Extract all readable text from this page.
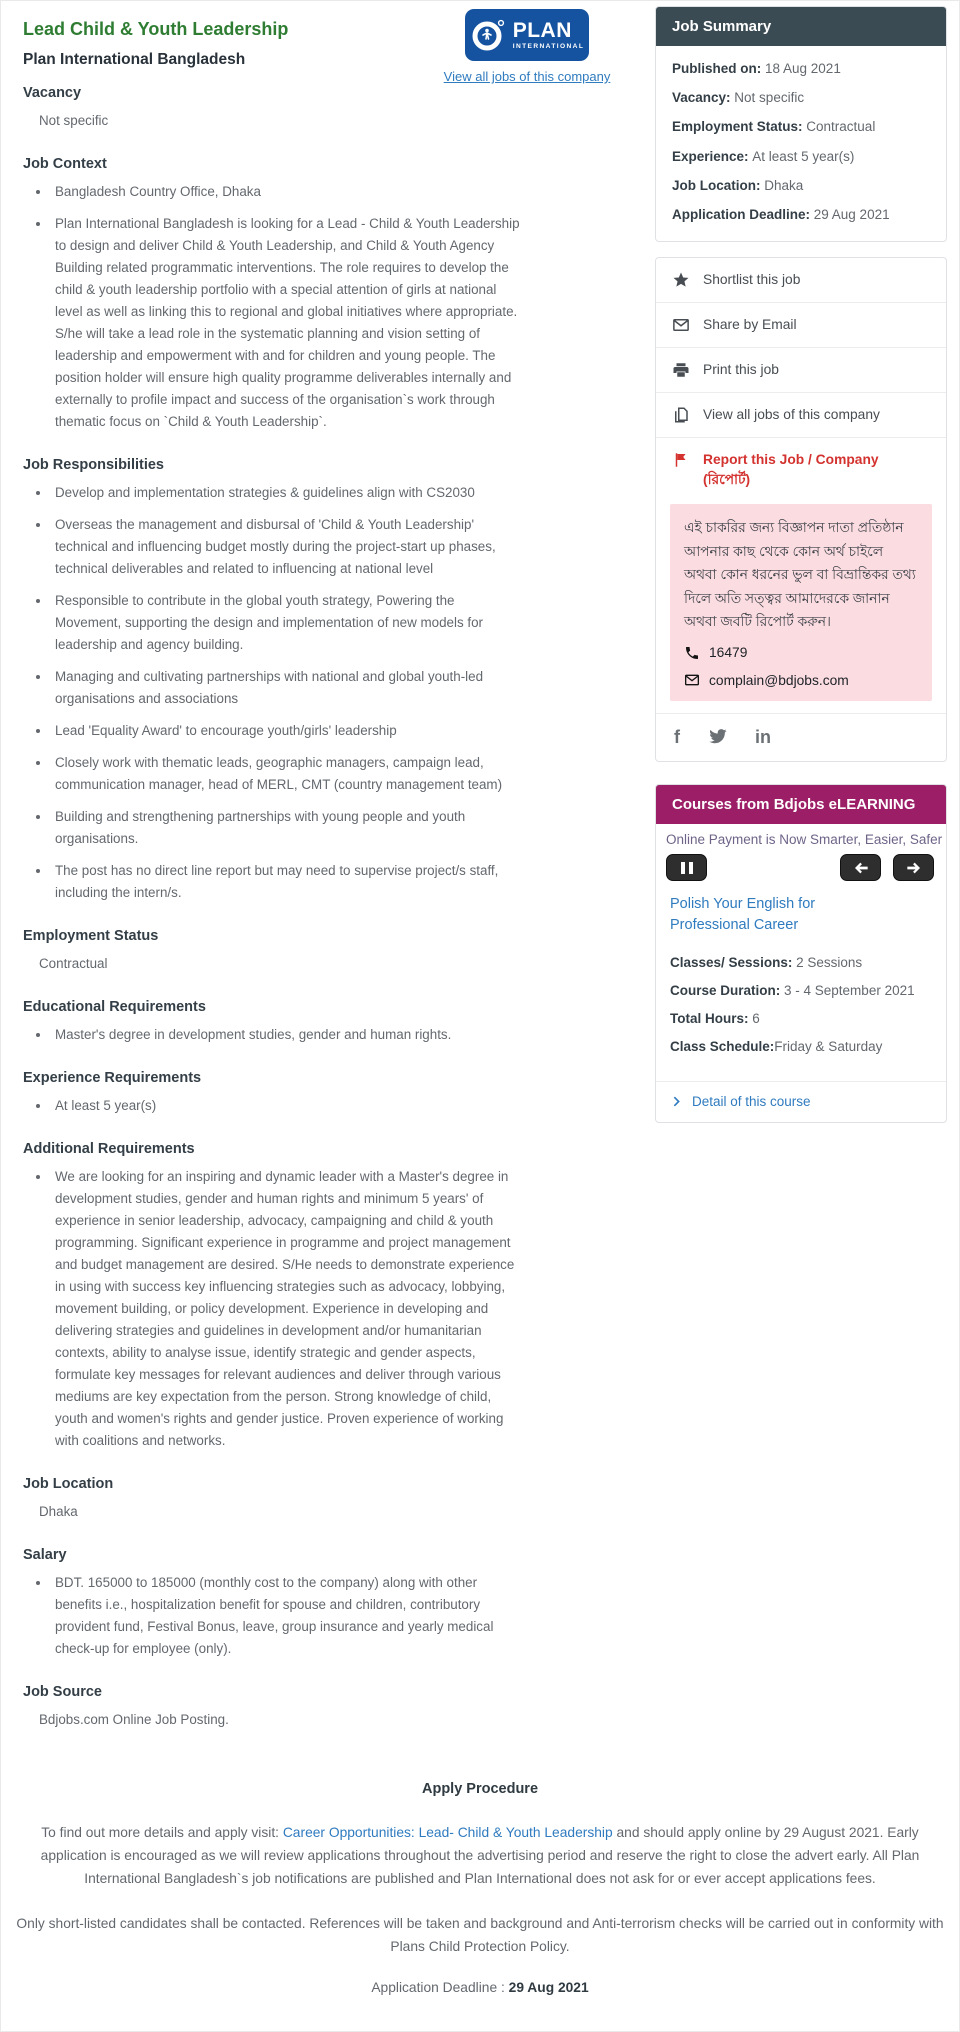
Lead Child & Youth Leadership
Plan International Bangladesh
PLAN
INTERNATIONAL
View all jobs of this company
Vacancy
Not specific
Job Context
• Bangladesh Country Office, Dhaka
• Plan International Bangladesh is looking for a Lead - Child & Youth Leadership to design and deliver Child & Youth Leadership, and Child & Youth Agency Building related programmatic interventions. The role requires to develop the child & youth leadership portfolio with a special attention of girls at national level as well as linking this to regional and global initiatives where appropriate. S/he will take a lead role in the systematic planning and vision setting of leadership and empowerment with and for children and young people. The position holder will ensure high quality programme deliverables internally and externally to profile impact and success of the organisation`s work through thematic focus on `Child & Youth Leadership`.
Job Responsibilities
• Develop and implementation strategies & guidelines align with CS2030
• Overseas the management and disbursal of 'Child & Youth Leadership' technical and influencing budget mostly during the project-start up phases, technical deliverables and related to influencing at national level
• Responsible to contribute in the global youth strategy, Powering the Movement, supporting the design and implementation of new models for leadership and agency building.
• Managing and cultivating partnerships with national and global youth-led organisations and associations
• Lead 'Equality Award' to encourage youth/girls' leadership
• Closely work with thematic leads, geographic managers, campaign lead, communication manager, head of MERL, CMT (country management team)
• Building and strengthening partnerships with young people and youth organisations.
• The post has no direct line report but may need to supervise project/s staff, including the intern/s.
Employment Status
Contractual
Educational Requirements
• Master's degree in development studies, gender and human rights.
Experience Requirements
• At least 5 year(s)
Additional Requirements
• We are looking for an inspiring and dynamic leader with a Master's degree in development studies, gender and human rights and minimum 5 years' of experience in senior leadership, advocacy, campaigning and child & youth programming. Significant experience in programme and project management and budget management are desired. S/He needs to demonstrate experience in using with success key influencing strategies such as advocacy, lobbying, movement building, or policy development. Experience in developing and delivering strategies and guidelines in development and/or humanitarian contexts, ability to analyse issue, identify strategic and gender aspects, formulate key messages for relevant audiences and deliver through various mediums are key expectation from the person. Strong knowledge of child, youth and women's rights and gender justice. Proven experience of working with coalitions and networks.
Job Location
Dhaka
Salary
• BDT. 165000 to 185000 (monthly cost to the company) along with other benefits i.e., hospitalization benefit for spouse and children, contributory provident fund, Festival Bonus, leave, group insurance and yearly medical check-up for employee (only).
Job Source
Bdjobs.com Online Job Posting.
Job Summary
Published on: 18 Aug 2021
Vacancy: Not specific
Employment Status: Contractual
Experience: At least 5 year(s)
Job Location: Dhaka
Application Deadline: 29 Aug 2021
Shortlist this job
Share by Email
Print this job
View all jobs of this company
Report this Job / Company (রিপোর্ট)
এই চাকরির জন্য বিজ্ঞাপন দাতা প্রতিষ্ঠান আপনার কাছ থেকে কোন অর্থ চাইলে অথবা কোন ধরনের ভুল বা বিভ্রান্তিকর তথ্য দিলে অতি সত্ত্বর আমাদেরকে জানান অথবা জবটি রিপোর্ট করুন।
16479
complain@bdjobs.com
f	in
Courses from Bdjobs eLEARNING
Online Payment is Now Smarter, Easier, Safer
Polish Your English for Professional Career
Classes/ Sessions: 2 Sessions
Course Duration: 3 - 4 September 2021
Total Hours: 6
Class Schedule:Friday & Saturday
Detail of this course
Apply Procedure

To find out more details and apply visit: Career Opportunities: Lead- Child & Youth Leadership and should apply online by 29 August 2021. Early application is encouraged as we will review applications throughout the advertising period and reserve the right to close the advert early. All Plan International Bangladesh`s job notifications are published and Plan International does not ask for or ever accept applications fees.

Only short-listed candidates shall be contacted. References will be taken and background and Anti-terrorism checks will be carried out in conformity with Plans Child Protection Policy.

Application Deadline : 29 Aug 2021
